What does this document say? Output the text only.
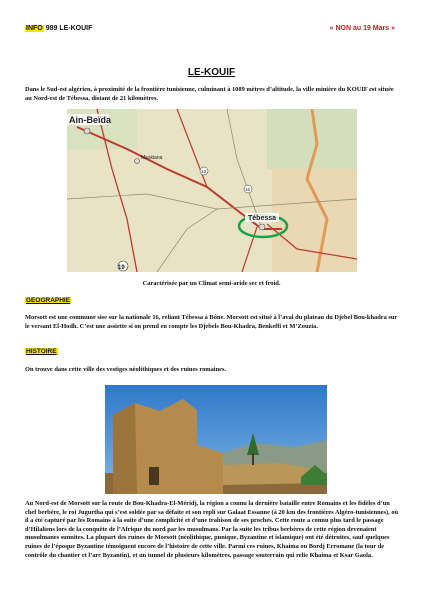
INFO 989 LE-KOUIF	« NON au 19 Mars »
LE-KOUIF
Dans le Sud-est algérien, à proximité de la frontière tunisienne, culminant à 1089 mètres d’altitude, la ville minière du KOUIF est située au Nord-est de Tébessa, distant de 21 kilomètres.
Ain-Beïda
Meskiana
Tébessa
19
10
16
Caractérisée par un Climat semi-aride sec et froid.
GEOGRAPHIE
Morsott est une commune sise sur la nationale 16, reliant Tébessa à Bône. Morsott est situé à l’aval du plateau du Djebel Bou-khadra sur le versant El-Hodh. C’est une assiette si on prend en compte les Djebels Bou-Khadra, Benkeffi et M’Zouzia.
HISTOIRE
On trouve dans cette ville des vestiges néolithiques et des ruines romaines.
Au Nord-est de Morsott sur la route de Bou-Khadra-El-Méridj, la région a connu la dernière bataille entre Romains et les fidèles d’un chef berbère, le roi Jugurtha qui s’est soldée par sa défaite et son repli sur Galaat Essanne (à 20 km des frontières Algéro-tunisiennes), où il a été capturé par les Romains à la suite d’une complicité et d’une trahison de ses proches. Cette route a connu plus tard le passage d’Hilaliens lors de la conquête de l’Afrique du nord par les musulmans. Par la suite les tribus berbères de cette région devenaient musulmanes sunnites. La plupart des ruines de Morsott (néolithique, punique, Byzantine et islamique) ont été détruites, sauf quelques ruines de l’époque Byzantine témoignent encore de l’histoire de cette ville. Parmi ces ruines, Khaima ou Bordj Erromane (la tour de contrôle du chantier et l’arc Byzantin), et un tunnel de plusieurs kilomètres, passage souterrain qui relie Khaima et Ksar Gaola.
